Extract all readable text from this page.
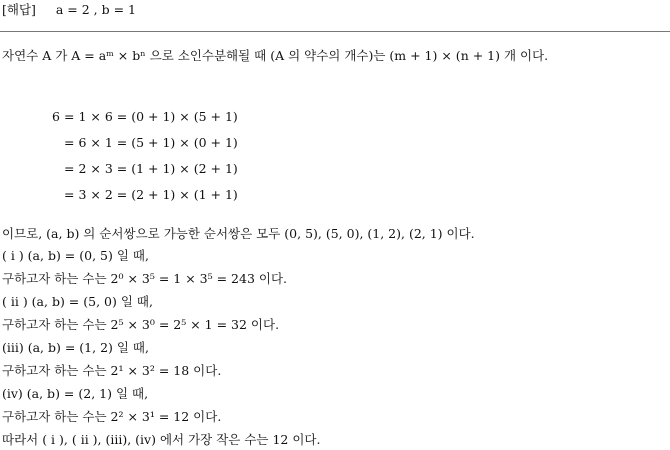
[해답] a = 2 , b = 1
자연수 A 가 A = aᵐ × bⁿ 으로 소인수분해될 때 (A 의 약수의 개수)는 (m + 1) × (n + 1) 개 이다.
6 = 1 × 6 = (0 + 1) × (5 + 1)
= 6 × 1 = (5 + 1) × (0 + 1)
= 2 × 3 = (1 + 1) × (2 + 1)
= 3 × 2 = (2 + 1) × (1 + 1)
이므로, (a, b) 의 순서쌍으로 가능한 순서쌍은 모두 (0, 5), (5, 0), (1, 2), (2, 1) 이다.
( i ) (a, b) = (0, 5) 일 때,
구하고자 하는 수는 2⁰ × 3⁵ = 1 × 3⁵ = 243 이다.
( ii ) (a, b) = (5, 0) 일 때,
구하고자 하는 수는 2⁵ × 3⁰ = 2⁵ × 1 = 32 이다.
(iii) (a, b) = (1, 2) 일 때,
구하고자 하는 수는 2¹ × 3² = 18 이다.
(iv) (a, b) = (2, 1) 일 때,
구하고자 하는 수는 2² × 3¹ = 12 이다.
따라서 ( i ), ( ii ), (iii), (iv) 에서 가장 작은 수는 12 이다.
